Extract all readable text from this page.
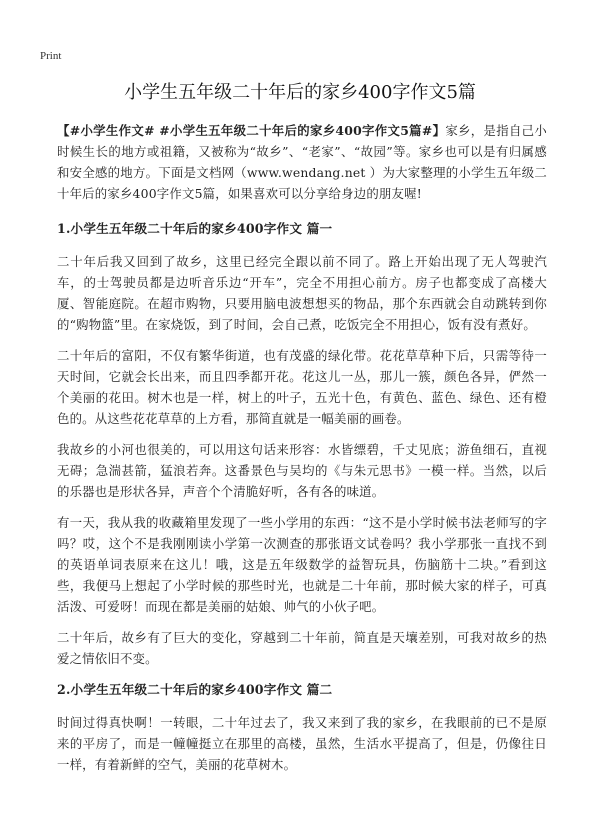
Print
小学生五年级二十年后的家乡400字作文5篇

【#小学生作文# #小学生五年级二十年后的家乡400字作文5篇#】家乡，是指自己小时候生长的地方或祖籍，又被称为“故乡”、“老家”、“故园”等。家乡也可以是有归属感和安全感的地方。下面是文档网（www.wendang.net ）为大家整理的小学生五年级二十年后的家乡400字作文5篇，如果喜欢可以分享给身边的朋友喔!

1.小学生五年级二十年后的家乡400字作文 篇一

二十年后我又回到了故乡，这里已经完全跟以前不同了。路上开始出现了无人驾驶汽车，的士驾驶员都是边听音乐边“开车”，完全不用担心前方。房子也都变成了高楼大厦、智能庭院。在超市购物，只要用脑电波想想买的物品，那个东西就会自动跳转到你的“购物篮”里。在家烧饭，到了时间，会自己煮，吃饭完全不用担心，饭有没有煮好。

二十年后的富阳，不仅有繁华街道，也有茂盛的绿化带。花花草草种下后，只需等待一天时间，它就会长出来，而且四季都开花。花这儿一丛，那儿一簇，颜色各异，俨然一个美丽的花田。树木也是一样，树上的叶子，五光十色，有黄色、蓝色、绿色、还有橙色的。从这些花花草草的上方看，那简直就是一幅美丽的画卷。

我故乡的小河也很美的，可以用这句话来形容：水皆缥碧，千丈见底；游鱼细石，直视无碍；急湍甚箭，猛浪若奔。这番景色与吴均的《与朱元思书》一模一样。当然，以后的乐器也是形状各异，声音个个清脆好听，各有各的味道。

有一天，我从我的收藏箱里发现了一些小学用的东西：“这不是小学时候书法老师写的字吗？哎，这个不是我刚刚读小学第一次测查的那张语文试卷吗？我小学那张一直找不到的英语单词表原来在这儿！哦，这是五年级数学的益智玩具，伤脑筋十二块。”看到这些，我便马上想起了小学时候的那些时光，也就是二十年前，那时候大家的样子，可真活泼、可爱呀！而现在都是美丽的姑娘、帅气的小伙子吧。

二十年后，故乡有了巨大的变化，穿越到二十年前，简直是天壤差别，可我对故乡的热爱之情依旧不变。

2.小学生五年级二十年后的家乡400字作文 篇二

时间过得真快啊！一转眼，二十年过去了，我又来到了我的家乡，在我眼前的已不是原来的平房了，而是一幢幢挺立在那里的高楼，虽然，生活水平提高了，但是，仍像往日一样，有着新鲜的空气，美丽的花草树木。
